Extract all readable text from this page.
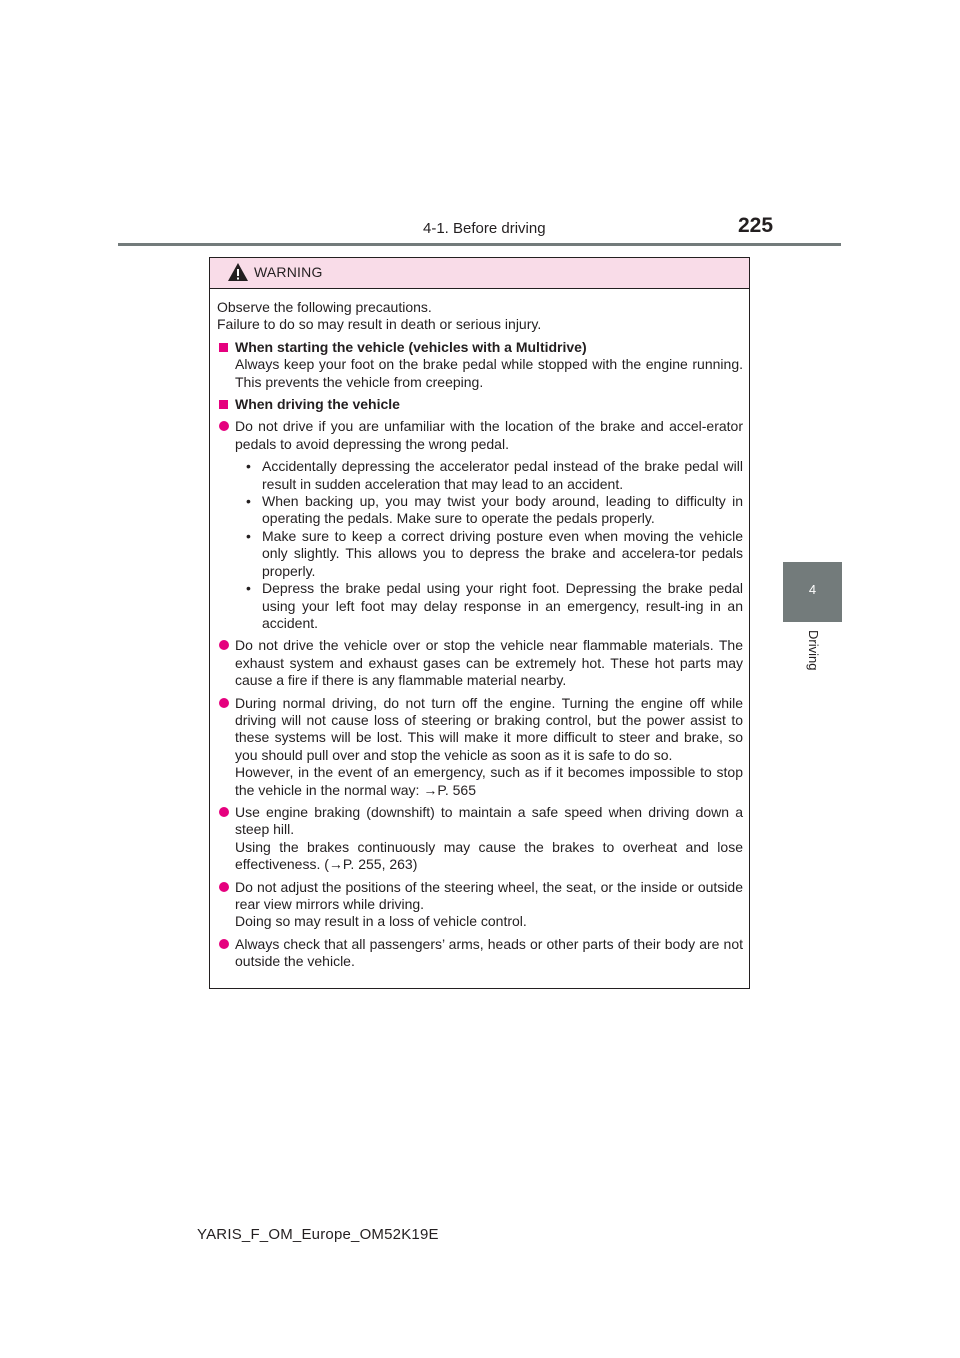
4-1. Before driving	225
4
Driving
WARNING

Observe the following precautions.

Failure to do so may result in death or serious injury.

When starting the vehicle (vehicles with a Multidrive)
Always keep your foot on the brake pedal while stopped with the engine running. This prevents the vehicle from creeping.
When driving the vehicle

Do not drive if you are unfamiliar with the location of the brake and accel-erator pedals to avoid depressing the wrong pedal.

• Accidentally depressing the accelerator pedal instead of the brake pedal will result in sudden acceleration that may lead to an accident.
• When backing up, you may twist your body around, leading to difficulty in operating the pedals. Make sure to operate the pedals properly.
• Make sure to keep a correct driving posture even when moving the vehicle only slightly. This allows you to depress the brake and accelera-tor pedals properly.
• Depress the brake pedal using your right foot. Depressing the brake pedal using your left foot may delay response in an emergency, result-ing in an accident.

Do not drive the vehicle over or stop the vehicle near flammable materials. The exhaust system and exhaust gases can be extremely hot. These hot parts may cause a fire if there is any flammable material nearby.

During normal driving, do not turn off the engine. Turning the engine off while driving will not cause loss of steering or braking control, but the power assist to these systems will be lost. This will make it more difficult to steer and brake, so you should pull over and stop the vehicle as soon as it is safe to do so.

However, in the event of an emergency, such as if it becomes impossible to stop the vehicle in the normal way: →P. 565

Use engine braking (downshift) to maintain a safe speed when driving down a steep hill.

Using the brakes continuously may cause the brakes to overheat and lose effectiveness. (→P. 255, 263)

Do not adjust the positions of the steering wheel, the seat, or the inside or outside rear view mirrors while driving.

Doing so may result in a loss of vehicle control.

Always check that all passengers’ arms, heads or other parts of their body are not outside the vehicle.

YARIS_F_OM_Europe_OM52K19E
